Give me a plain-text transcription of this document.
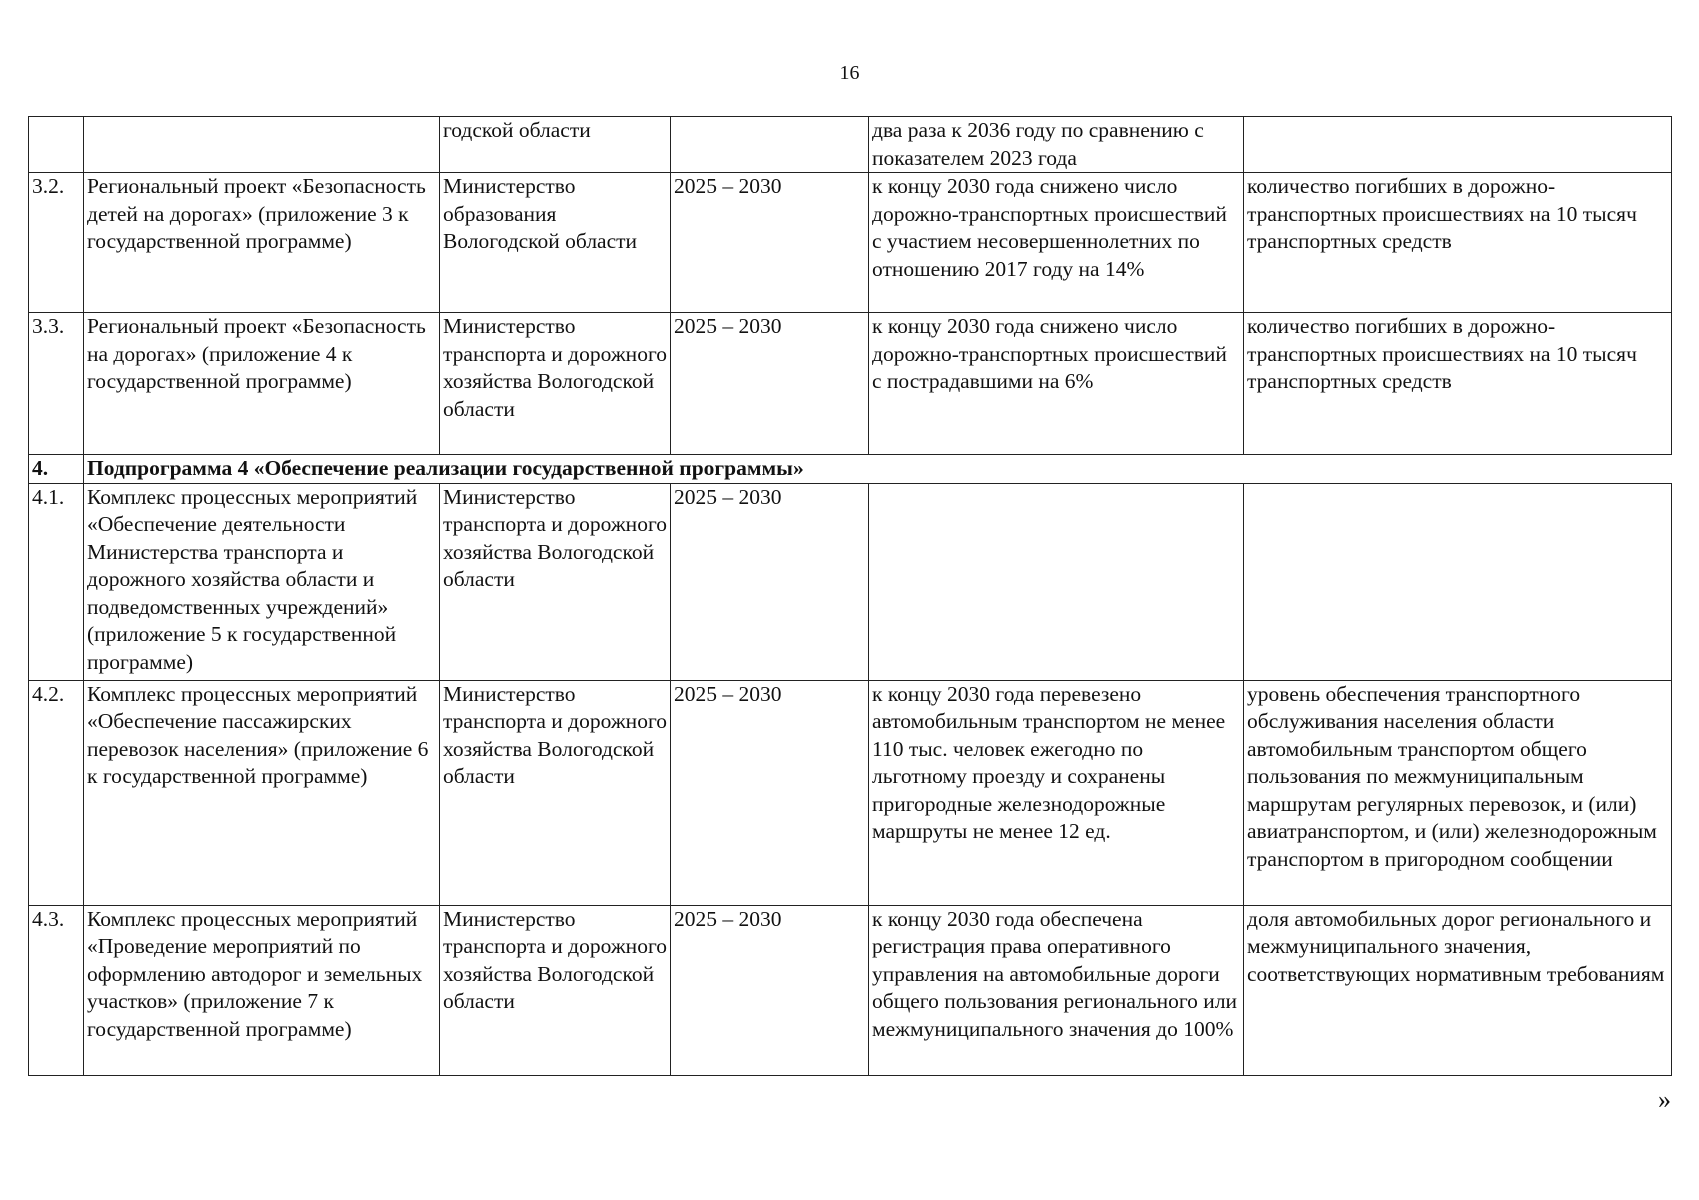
16
		годской области		два раза к 2036 году по сравнению с показателем 2023 года	
3.2.	Региональный проект «Безопасность детей на дорогах» (приложение 3 к государственной программе)	Министерство образования Вологодской области	2025 – 2030	к концу 2030 года снижено число дорожно-транспортных происшествий с участием несовершеннолетних по отношению 2017 году на 14%	количество погибших в дорожно-транспортных происшествиях на 10 тысяч транспортных средств
3.3.	Региональный проект «Безопасность на дорогах» (приложение 4 к государственной программе)	Министерство транспорта и дорожного хозяйства Вологодской области	2025 – 2030	к концу 2030 года снижено число дорожно-транспортных происшествий с пострадавшими на 6%	количество погибших в дорожно-транспортных происшествиях на 10 тысяч транспортных средств
4.	Подпрограмма 4 «Обеспечение реализации государственной программы»				
4.1.	Комплекс процессных мероприятий «Обеспечение деятельности Министерства транспорта и дорожного хозяйства области и подведомственных учреждений» (приложение 5 к государственной программе)	Министерство транспорта и дорожного хозяйства Вологодской области	2025 – 2030		
4.2.	Комплекс процессных мероприятий «Обеспечение пассажирских перевозок населения» (приложение 6 к государственной программе)	Министерство транспорта и дорожного хозяйства Вологодской области	2025 – 2030	к концу 2030 года перевезено автомобильным транспортом не менее 110 тыс. человек ежегодно по льготному проезду и сохранены пригородные железнодорожные маршруты не менее 12 ед.	уровень обеспечения транспортного обслуживания населения области автомобильным транспортом общего пользования по межмуниципальным маршрутам регулярных перевозок, и (или) авиатранспортом, и (или) железнодорожным транспортом в пригородном сообщении
4.3.	Комплекс процессных мероприятий «Проведение мероприятий по оформлению автодорог и земельных участков» (приложение 7 к государственной программе)	Министерство транспорта и дорожного хозяйства Вологодской области	2025 – 2030	к концу 2030 года обеспечена регистрация права оперативного управления на автомобильные дороги общего пользования регионального или межмуниципального значения до 100%	доля автомобильных дорог регионального и межмуниципального значения, соответствующих нормативным требованиям
»
